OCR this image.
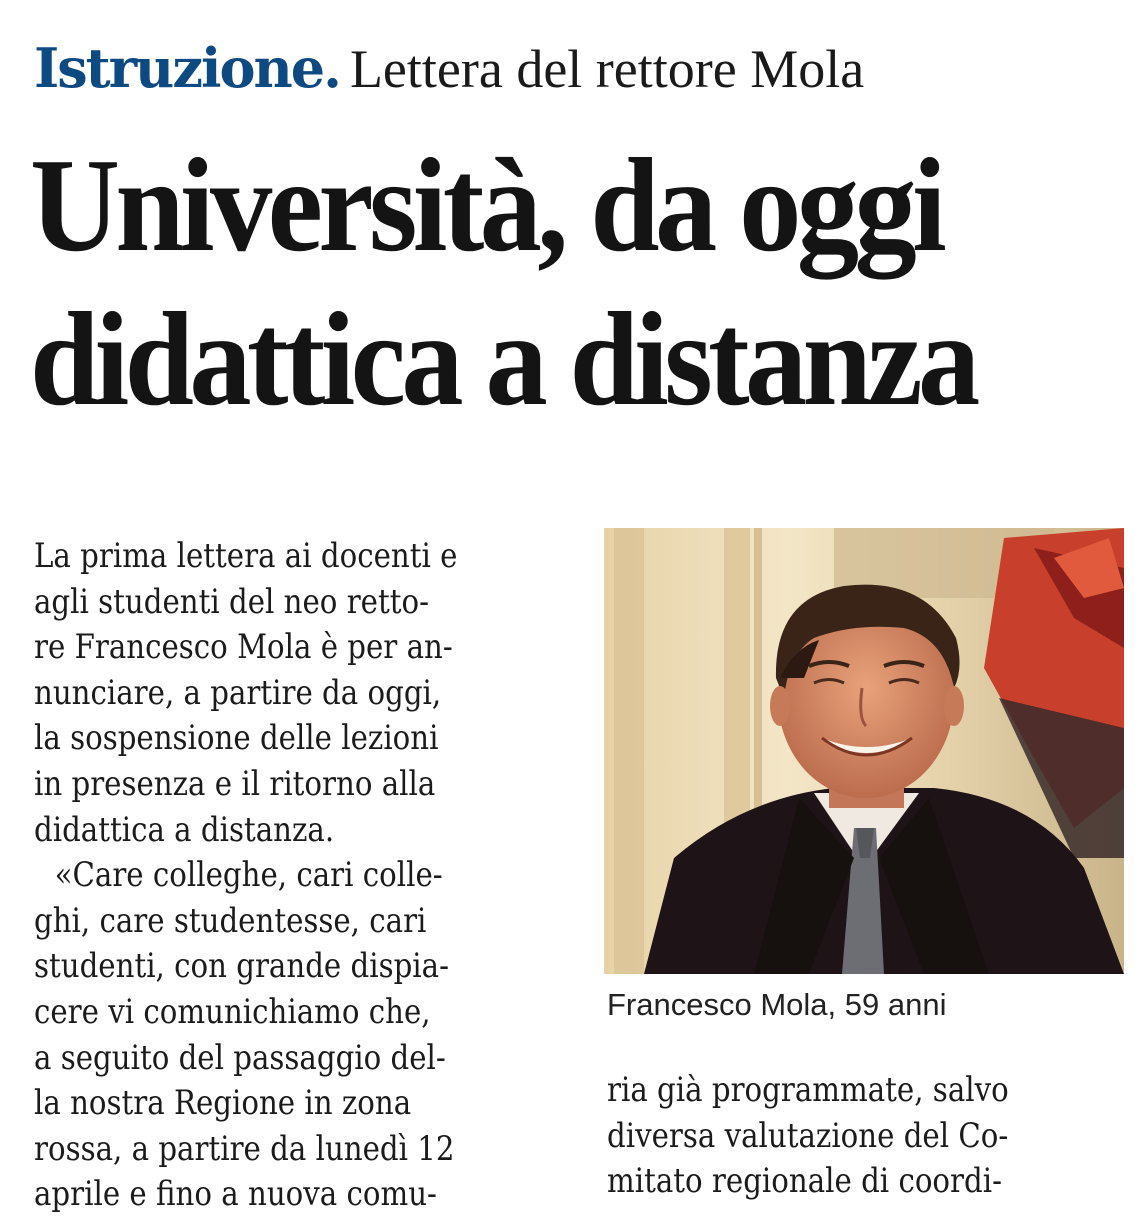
Istruzione. Lettera del rettore Mola
Università, da oggi
didattica a distanza
La prima lettera ai docenti e
agli studenti del neo retto-
re Francesco Mola è per an-
nunciare, a partire da oggi,
la sospensione delle lezioni
in presenza e il ritorno alla
didattica a distanza.
«Care colleghe, cari colle-
ghi, care studentesse, cari
studenti, con grande dispia-
cere vi comunichiamo che,
a seguito del passaggio del-
la nostra Regione in zona
rossa, a partire da lunedì 12
aprile e fino a nuova comu-
Francesco Mola, 59 anni
ria già programmate, salvo
diversa valutazione del Co-
mitato regionale di coordi-
